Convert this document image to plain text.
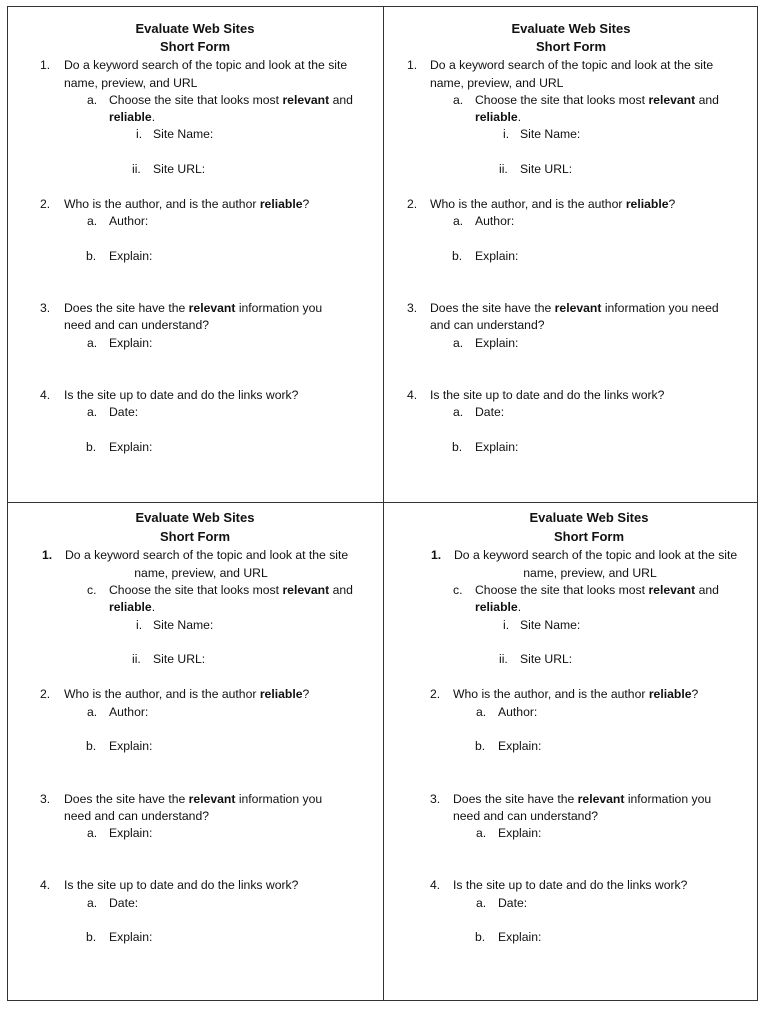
Evaluate Web Sites
Short Form
1. Do a keyword search of the topic and look at the site
name, preview, and URL
a. Choose the site that looks most relevant and
reliable.
i. Site Name:
ii. Site URL:
2. Who is the author, and is the author reliable?
a. Author:
b. Explain:
3. Does the site have the relevant information you
need and can understand?
a. Explain:
4. Is the site up to date and do the links work?
a. Date:
b. Explain:
Evaluate Web Sites
Short Form
1. Do a keyword search of the topic and look at the site
name, preview, and URL
a. Choose the site that looks most relevant and
reliable.
i. Site Name:
ii. Site URL:
2. Who is the author, and is the author reliable?
a. Author:
b. Explain:
3. Does the site have the relevant information you need
and can understand?
a. Explain:
4. Is the site up to date and do the links work?
a. Date:
b. Explain:
Evaluate Web Sites
Short Form
1. Do a keyword search of the topic and look at the site
name, preview, and URL
c. Choose the site that looks most relevant and
reliable.
i. Site Name:
ii. Site URL:
2. Who is the author, and is the author reliable?
a. Author:
b. Explain:
3. Does the site have the relevant information you
need and can understand?
a. Explain:
4. Is the site up to date and do the links work?
a. Date:
b. Explain:
Evaluate Web Sites
Short Form
1. Do a keyword search of the topic and look at the site
name, preview, and URL
c. Choose the site that looks most relevant and
reliable.
i. Site Name:
ii. Site URL:
2. Who is the author, and is the author reliable?
a. Author:
b. Explain:
3. Does the site have the relevant information you
need and can understand?
a. Explain:
4. Is the site up to date and do the links work?
a. Date:
b. Explain:
